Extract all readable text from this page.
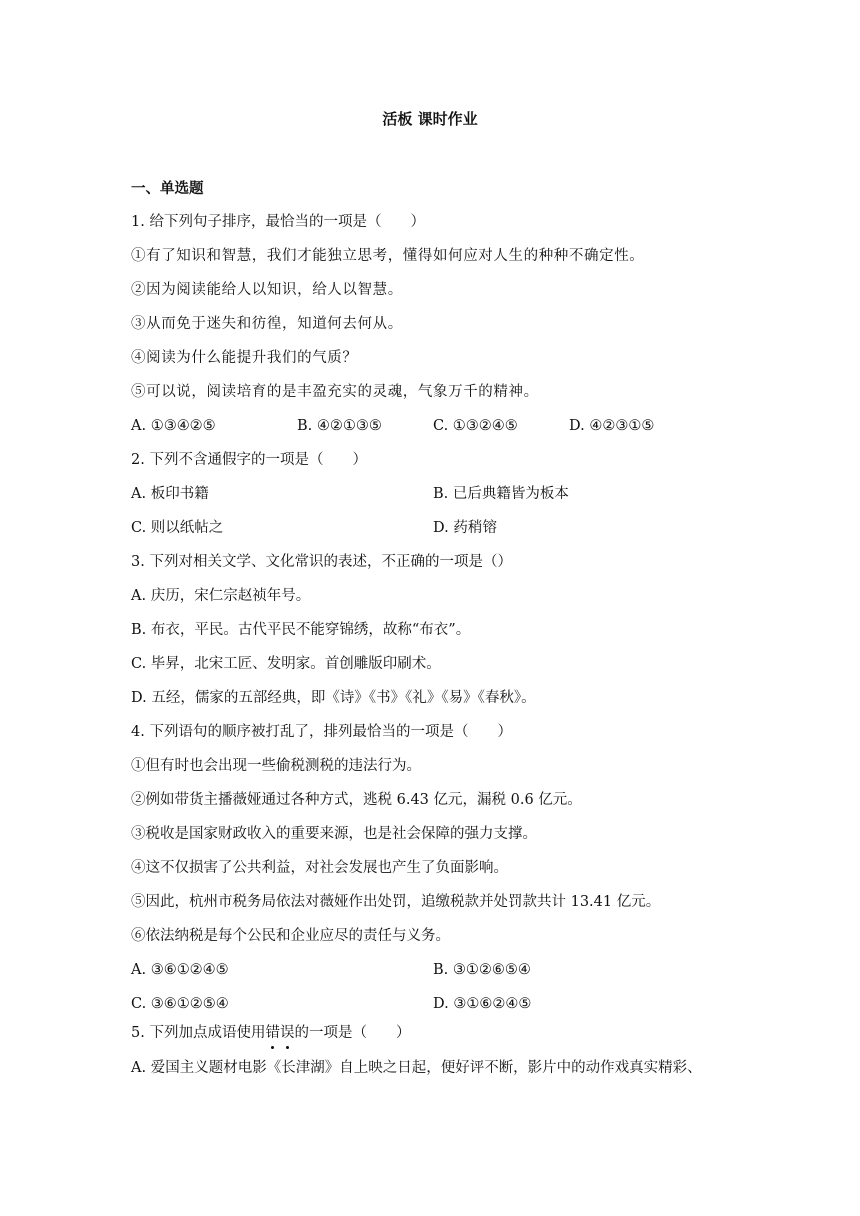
活板 课时作业
一、单选题
1. 给下列句子排序，最恰当的一项是（　　）
①有了知识和智慧，我们才能独立思考，懂得如何应对人生的种种不确定性。
②因为阅读能给人以知识，给人以智慧。
③从而免于迷失和彷徨，知道何去何从。
④阅读为什么能提升我们的气质？
⑤可以说，阅读培育的是丰盈充实的灵魂，气象万千的精神。
A. ①③④②⑤	B. ④②①③⑤	C. ①③②④⑤	D. ④②③①⑤
2. 下列不含通假字的一项是（　　）
A. 板印书籍	B. 已后典籍皆为板本
C. 则以纸帖之	D. 药稍镕
3. 下列对相关文学、文化常识的表述，不正确的一项是（）
A. 庆历，宋仁宗赵祯年号。
B. 布衣，平民。古代平民不能穿锦绣，故称“布衣”。
C. 毕昇，北宋工匠、发明家。首创雕版印刷术。
D. 五经，儒家的五部经典，即《诗》《书》《礼》《易》《春秋》。
4. 下列语句的顺序被打乱了，排列最恰当的一项是（　　）
①但有时也会出现一些偷税测税的违法行为。
②例如带货主播薇娅通过各种方式，逃税 6.43 亿元，漏税 0.6 亿元。
③税收是国家财政收入的重要来源，也是社会保障的强力支撑。
④这不仅损害了公共利益，对社会发展也产生了负面影响。
⑤因此，杭州市税务局依法对薇娅作出处罚，追缴税款并处罚款共计 13.41 亿元。
⑥依法纳税是每个公民和企业应尽的责任与义务。
A. ③⑥①②④⑤	B. ③①②⑥⑤④
C. ③⑥①②⑤④	D. ③①⑥②④⑤
5. 下列加点成语使用错误的一项是（　　）
A. 爱国主义题材电影《长津湖》自上映之日起，便好评不断，影片中的动作戏真实精彩、
